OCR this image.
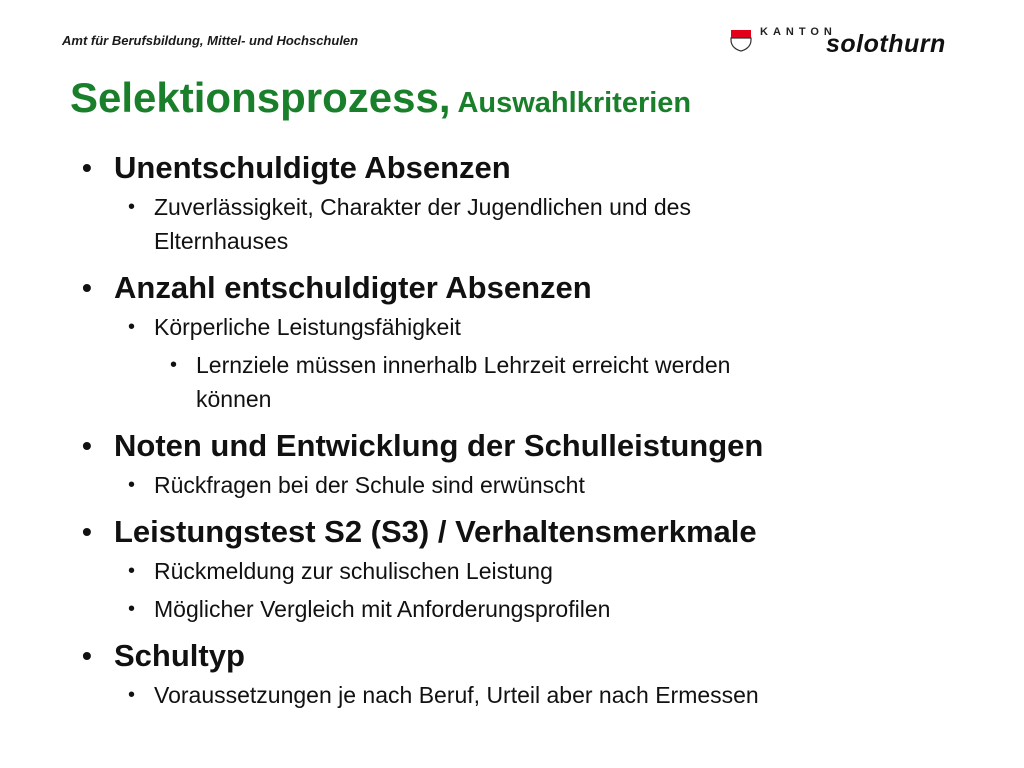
Amt für Berufsbildung, Mittel- und Hochschulen
KANTON
solothurn
Selektionsprozess, Auswahlkriterien
• Unentschuldigte Absenzen
• Zuverlässigkeit, Charakter der Jugendlichen und des
Elternhauses
• Anzahl entschuldigter Absenzen
• Körperliche Leistungsfähigkeit
• Lernziele müssen innerhalb Lehrzeit erreicht werden
können
• Noten und Entwicklung der Schulleistungen
• Rückfragen bei der Schule sind erwünscht
• Leistungstest S2 (S3) / Verhaltensmerkmale
• Rückmeldung zur schulischen Leistung
• Möglicher Vergleich mit Anforderungsprofilen
• Schultyp
• Voraussetzungen je nach Beruf, Urteil aber nach Ermessen
